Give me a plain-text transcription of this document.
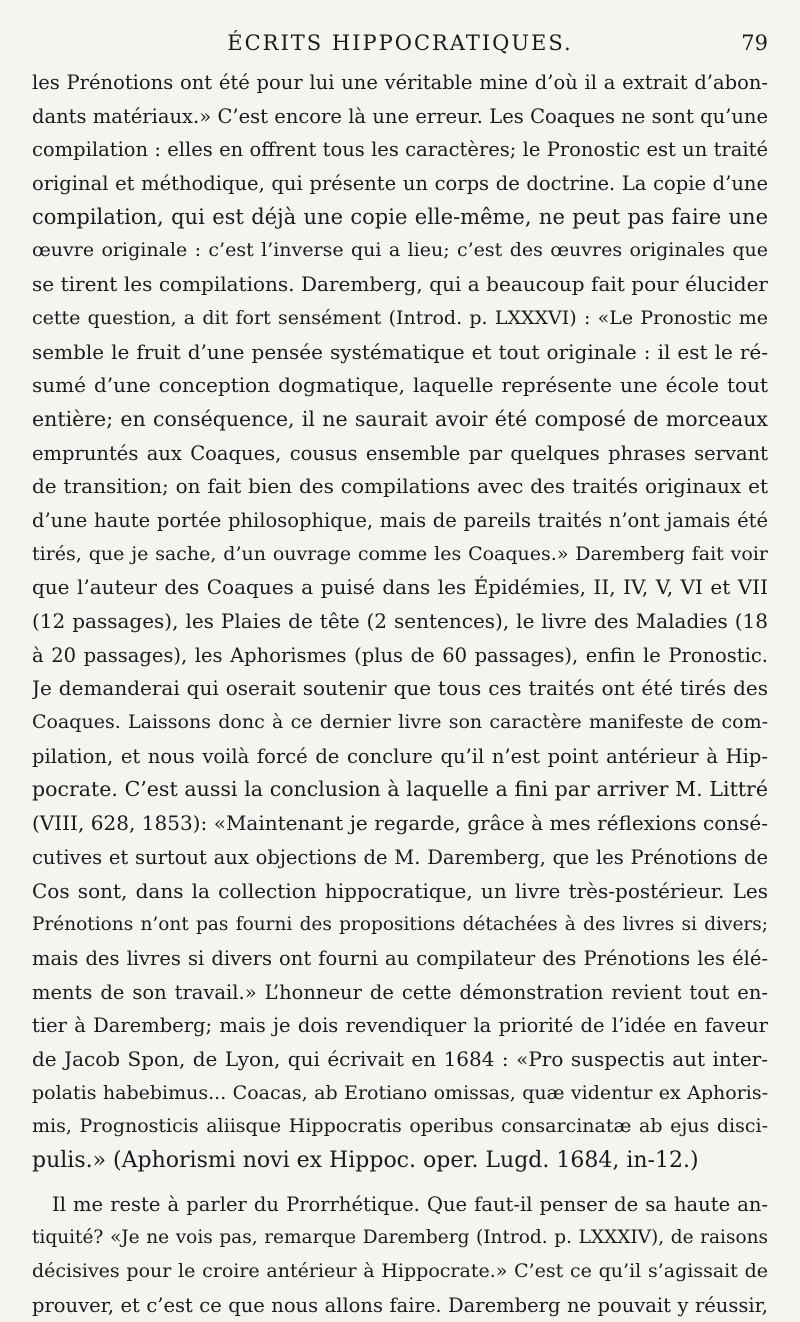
ÉCRITS HIPPOCRATIQUES.	79
les Prénotions ont été pour lui une véritable mine d’où il a extrait d’abon-
dants matériaux.» C’est encore là une erreur. Les Coaques ne sont qu’une
compilation : elles en offrent tous les caractères; le Pronostic est un traité
original et méthodique, qui présente un corps de doctrine. La copie d’une
compilation, qui est déjà une copie elle-même, ne peut pas faire une
œuvre originale : c’est l’inverse qui a lieu; c’est des œuvres originales que
se tirent les compilations. Daremberg, qui a beaucoup fait pour élucider
cette question, a dit fort sensément (Introd. p. LXXXVI) : «Le Pronostic me
semble le fruit d’une pensée systématique et tout originale : il est le ré-
sumé d’une conception dogmatique, laquelle représente une école tout
entière; en conséquence, il ne saurait avoir été composé de morceaux
empruntés aux Coaques, cousus ensemble par quelques phrases servant
de transition; on fait bien des compilations avec des traités originaux et
d’une haute portée philosophique, mais de pareils traités n’ont jamais été
tirés, que je sache, d’un ouvrage comme les Coaques.» Daremberg fait voir
que l’auteur des Coaques a puisé dans les Épidémies, II, IV, V, VI et VII
(12 passages), les Plaies de tête (2 sentences), le livre des Maladies (18
à 20 passages), les Aphorismes (plus de 60 passages), enfin le Pronostic.
Je demanderai qui oserait soutenir que tous ces traités ont été tirés des
Coaques. Laissons donc à ce dernier livre son caractère manifeste de com-
pilation, et nous voilà forcé de conclure qu’il n’est point antérieur à Hip-
pocrate. C’est aussi la conclusion à laquelle a fini par arriver M. Littré
(VIII, 628, 1853): «Maintenant je regarde, grâce à mes réflexions consé-
cutives et surtout aux objections de M. Daremberg, que les Prénotions de
Cos sont, dans la collection hippocratique, un livre très-postérieur. Les
Prénotions n’ont pas fourni des propositions détachées à des livres si divers;
mais des livres si divers ont fourni au compilateur des Prénotions les élé-
ments de son travail.» L’honneur de cette démonstration revient tout en-
tier à Daremberg; mais je dois revendiquer la priorité de l’idée en faveur
de Jacob Spon, de Lyon, qui écrivait en 1684 : «Pro suspectis aut inter-
polatis habebimus... Coacas, ab Erotiano omissas, quæ videntur ex Aphoris-
mis, Prognosticis aliisque Hippocratis operibus consarcinatæ ab ejus disci-
pulis.» (Aphorismi novi ex Hippoc. oper. Lugd. 1684, in-12.)
Il me reste à parler du Prorrhétique. Que faut-il penser de sa haute an-
tiquité? «Je ne vois pas, remarque Daremberg (Introd. p. LXXXIV), de raisons
décisives pour le croire antérieur à Hippocrate.» C’est ce qu’il s’agissait de
prouver, et c’est ce que nous allons faire. Daremberg ne pouvait y réussir,
